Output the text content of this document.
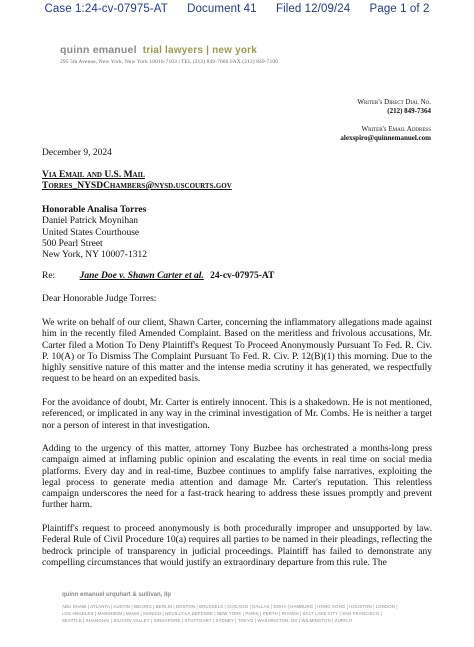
Case 1:24-cv-07975-AT Document 41 Filed 12/09/24 Page 1 of 2
quinn emanuel trial lawyers | new york
295 5th Avenue, New York, New York 10016-7103 | TEL (212) 849-7000 FAX (212) 849-7100
Writer's Direct Dial No.
(212) 849-7364
Writer's Email Address
alexspiro@quinnemanuel.com
December 9, 2024
Via Email and U.S. Mail
Torres_NYSDChambers@nysd.uscourts.gov
Honorable Analisa Torres
Daniel Patrick Moynihan
United States Courthouse
500 Pearl Street
New York, NY 10007-1312
Re:	Jane Doe v. Shawn Carter et al. 24-cv-07975-AT
Dear Honorable Judge Torres:
We write on behalf of our client, Shawn Carter, concerning the inflammatory allegations made against him in the recently filed Amended Complaint. Based on the meritless and frivolous accusations, Mr. Carter filed a Motion To Deny Plaintiff's Request To Proceed Anonymously Pursuant To Fed. R. Civ. P. 10(A) or To Dismiss The Complaint Pursuant To Fed. R. Civ. P. 12(B)(1) this morning. Due to the highly sensitive nature of this matter and the intense media scrutiny it has generated, we respectfully request to be heard on an expedited basis.
For the avoidance of doubt, Mr. Carter is entirely innocent. This is a shakedown. He is not mentioned, referenced, or implicated in any way in the criminal investigation of Mr. Combs. He is neither a target nor a person of interest in that investigation.
Adding to the urgency of this matter, attorney Tony Buzbee has orchestrated a months-long press campaign aimed at inflaming public opinion and escalating the events in real time on social media platforms. Every day and in real-time, Buzbee continues to amplify false narratives, exploiting the legal process to generate media attention and damage Mr. Carter's reputation. This relentless campaign underscores the need for a fast-track hearing to address these issues promptly and prevent further harm.
Plaintiff's request to proceed anonymously is both procedurally improper and unsupported by law. Federal Rule of Civil Procedure 10(a) requires all parties to be named in their pleadings, reflecting the bedrock principle of transparency in judicial proceedings. Plaintiff has failed to demonstrate any compelling circumstances that would justify an extraordinary departure from this rule. The
quinn emanuel urquhart & sullivan, llp
ABU DHABI | ATLANTA | AUSTIN | BEIJING | BERLIN | BOSTON | BRUSSELS | CHICAGO | DALLAS | DOHA | HAMBURG | HONG KONG | HOUSTON | LONDON |
LOS ANGELES | MANNHEIM | MIAMI | MUNICH | NEUILLY-LA DEFENSE | NEW YORK | PARIS | PERTH | RIYADH | SALT LAKE CITY | SAN FRANCISCO |
SEATTLE | SHANGHAI | SILICON VALLEY | SINGAPORE | STUTTGART | SYDNEY | TOKYO | WASHINGTON, DC | WILMINGTON | ZURICH
